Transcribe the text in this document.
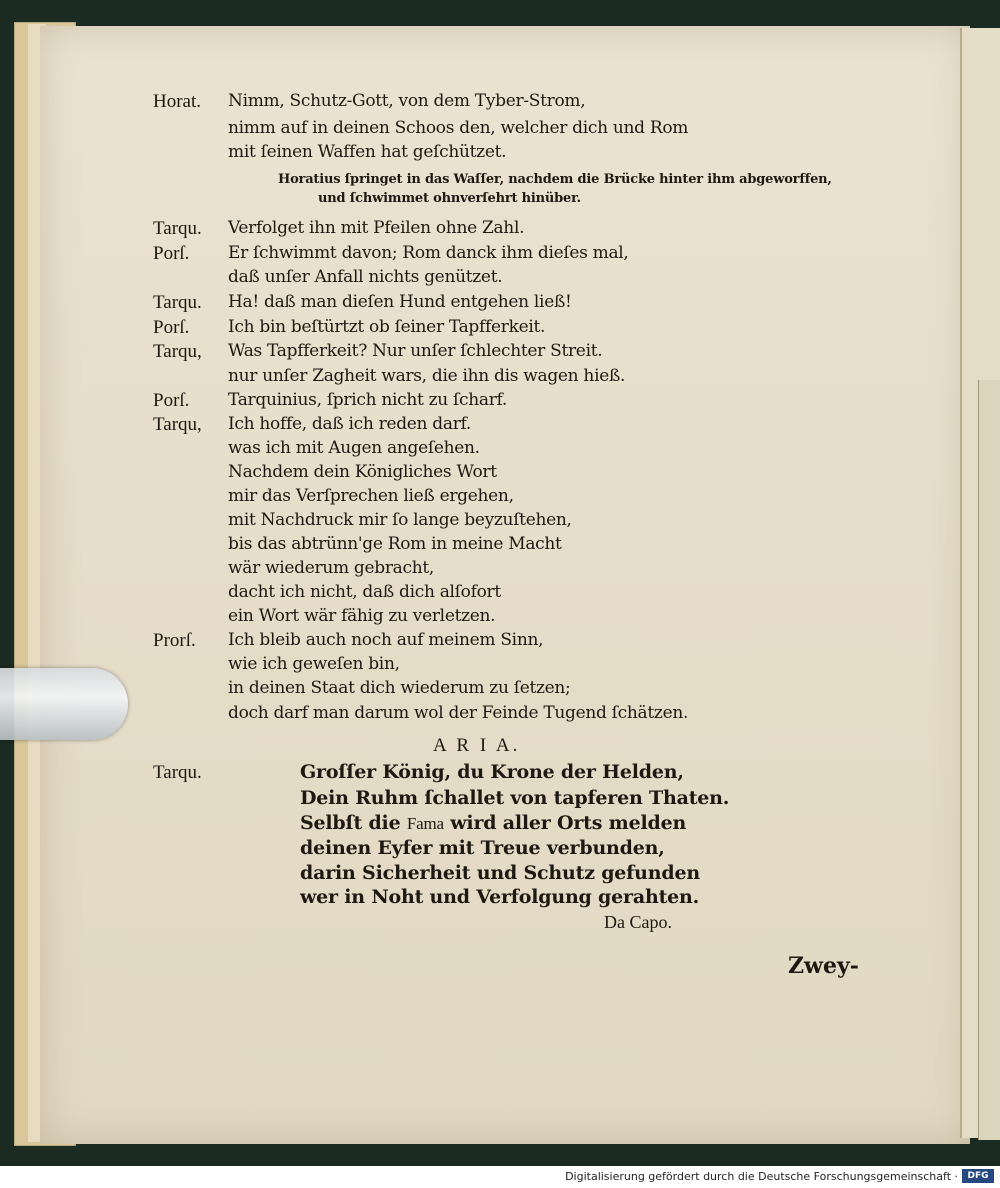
Horat. Nimm, Schutz-Gott, von dem Tyber-Strom,
nimm auf in deinen Schoos den, welcher dich und Rom
mit ſeinen Waffen hat geſchützet.
Horatius ſpringet in das Waſſer, nachdem die Brücke hinter ihm abgeworffen,
und ſchwimmet ohnverſehrt hinüber.
Tarqu. Verfolget ihn mit Pfeilen ohne Zahl.
Porſ. Er ſchwimmt davon; Rom danck ihm dieſes mal,
daß unſer Anfall nichts genützet.
Tarqu. Ha! daß man dieſen Hund entgehen ließ!
Porſ. Ich bin beſtürtzt ob ſeiner Tapfferkeit.
Tarqu, Was Tapfferkeit? Nur unſer ſchlechter Streit.
nur unſer Zagheit wars, die ihn dis wagen hieß.
Porſ. Tarquinius, ſprich nicht zu ſcharf.
Tarqu, Ich hoffe, daß ich reden darf.
was ich mit Augen angeſehen.
Nachdem dein Königliches Wort
mir das Verſprechen ließ ergehen,
mit Nachdruck mir ſo lange beyzuſtehen,
bis das abtrünn'ge Rom in meine Macht
wär wiederum gebracht,
dacht ich nicht, daß dich alſofort
ein Wort wär fähig zu verletzen.
Prorſ. Ich bleib auch noch auf meinem Sinn,
wie ich geweſen bin,
in deinen Staat dich wiederum zu ſetzen;
doch darf man darum wol der Feinde Tugend ſchätzen.
A R I A.
Tarqu.	Groſſer König, du Krone der Helden,
Dein Ruhm ſchallet von tapferen Thaten.
Selbſt die Fama wird aller Orts melden
deinen Eyfer mit Treue verbunden,
darin Sicherheit und Schutz gefunden
wer in Noht und Verfolgung gerahten.
Da Capo.
Zwey-
Digitalisierung gefördert durch die Deutsche Forschungsgemeinschaft ·	DFG
